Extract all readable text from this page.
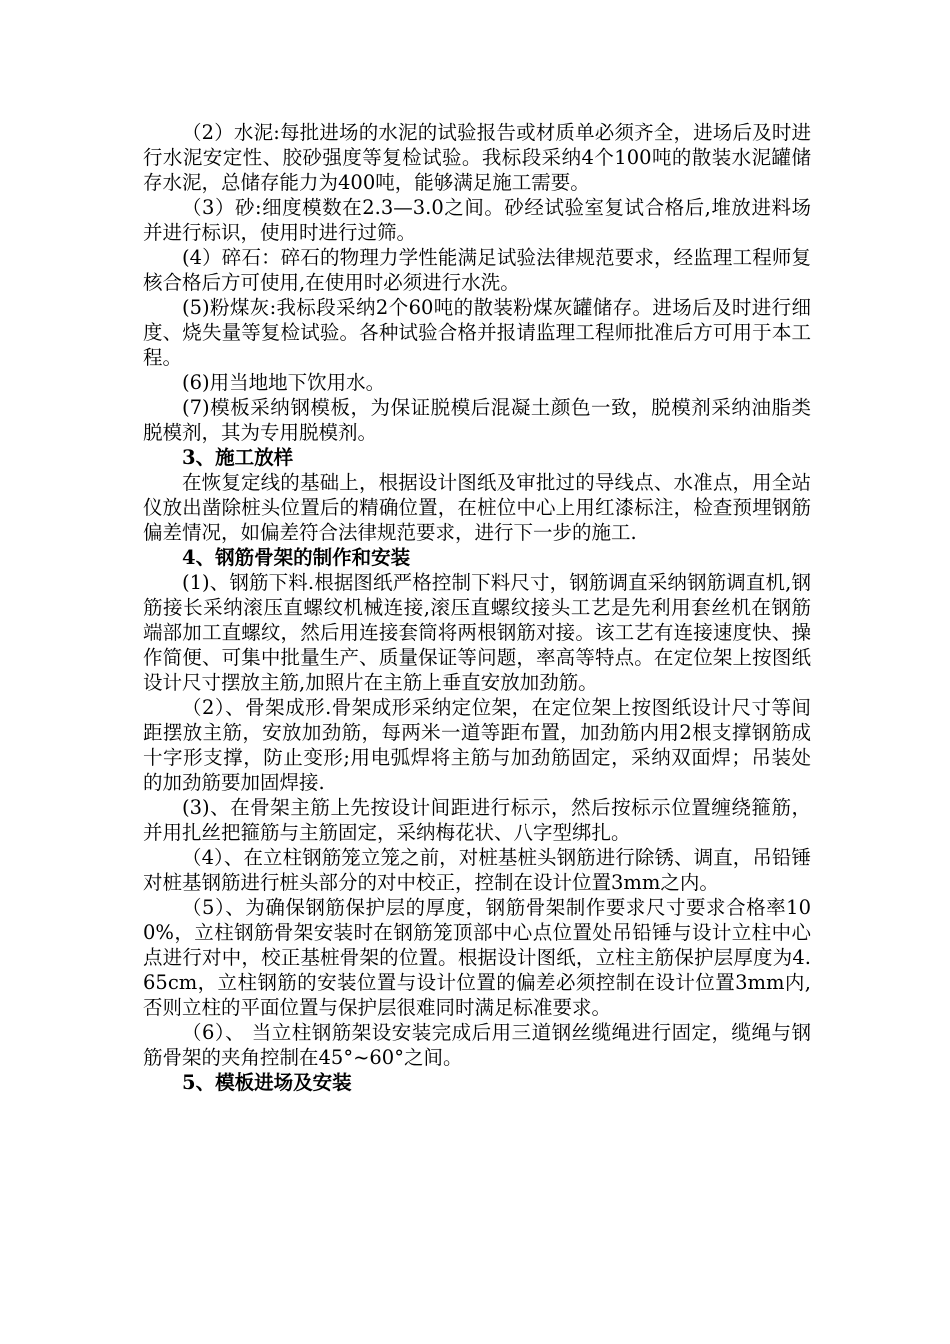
（2）水泥:每批进场的水泥的试验报告或材质单必须齐全，进场后及时进行水泥安定性、胶砂强度等复检试验。我标段采纳4个100吨的散装水泥罐储存水泥，总储存能力为400吨，能够满足施工需要。

（3）砂:细度模数在2.3—3.0之间。砂经试验室复试合格后,堆放进料场并进行标识，使用时进行过筛。

(4）碎石：碎石的物理力学性能满足试验法律规范要求，经监理工程师复核合格后方可使用,在使用时必须进行水洗。

(5)粉煤灰:我标段采纳2个60吨的散装粉煤灰罐储存。进场后及时进行细度、烧失量等复检试验。各种试验合格并报请监理工程师批准后方可用于本工程。

(6)用当地地下饮用水。

(7)模板采纳钢模板，为保证脱模后混凝土颜色一致，脱模剂采纳油脂类脱模剂，其为专用脱模剂。

3、施工放样

在恢复定线的基础上，根据设计图纸及审批过的导线点、水准点，用全站仪放出凿除桩头位置后的精确位置，在桩位中心上用红漆标注，检查预埋钢筋偏差情况，如偏差符合法律规范要求，进行下一步的施工.

4、钢筋骨架的制作和安装

(1)、钢筋下料.根据图纸严格控制下料尺寸，钢筋调直采纳钢筋调直机,钢筋接长采纳滚压直螺纹机械连接,滚压直螺纹接头工艺是先利用套丝机在钢筋端部加工直螺纹，然后用连接套筒将两根钢筋对接。该工艺有连接速度快、操作简便、可集中批量生产、质量保证等问题，率高等特点。在定位架上按图纸设计尺寸摆放主筋,加照片在主筋上垂直安放加劲筋。

（2）、骨架成形.骨架成形采纳定位架，在定位架上按图纸设计尺寸等间距摆放主筋，安放加劲筋，每两米一道等距布置，加劲筋内用2根支撑钢筋成十字形支撑，防止变形;用电弧焊将主筋与加劲筋固定，采纳双面焊；吊装处的加劲筋要加固焊接.

(3)、在骨架主筋上先按设计间距进行标示，然后按标示位置缠绕箍筋，并用扎丝把箍筋与主筋固定，采纳梅花状、八字型绑扎。

（4）、在立柱钢筋笼立笼之前，对桩基桩头钢筋进行除锈、调直，吊铅锤对桩基钢筋进行桩头部分的对中校正，控制在设计位置3mm之内。

（5）、为确保钢筋保护层的厚度，钢筋骨架制作要求尺寸要求合格率100%，立柱钢筋骨架安装时在钢筋笼顶部中心点位置处吊铅锤与设计立柱中心点进行对中，校正基桩骨架的位置。根据设计图纸，立柱主筋保护层厚度为4.65cm，立柱钢筋的安装位置与设计位置的偏差必须控制在设计位置3mm内,否则立柱的平面位置与保护层很难同时满足标准要求。

（6）、 当立柱钢筋架设安装完成后用三道钢丝缆绳进行固定，缆绳与钢筋骨架的夹角控制在45°~60°之间。

5、模板进场及安装
